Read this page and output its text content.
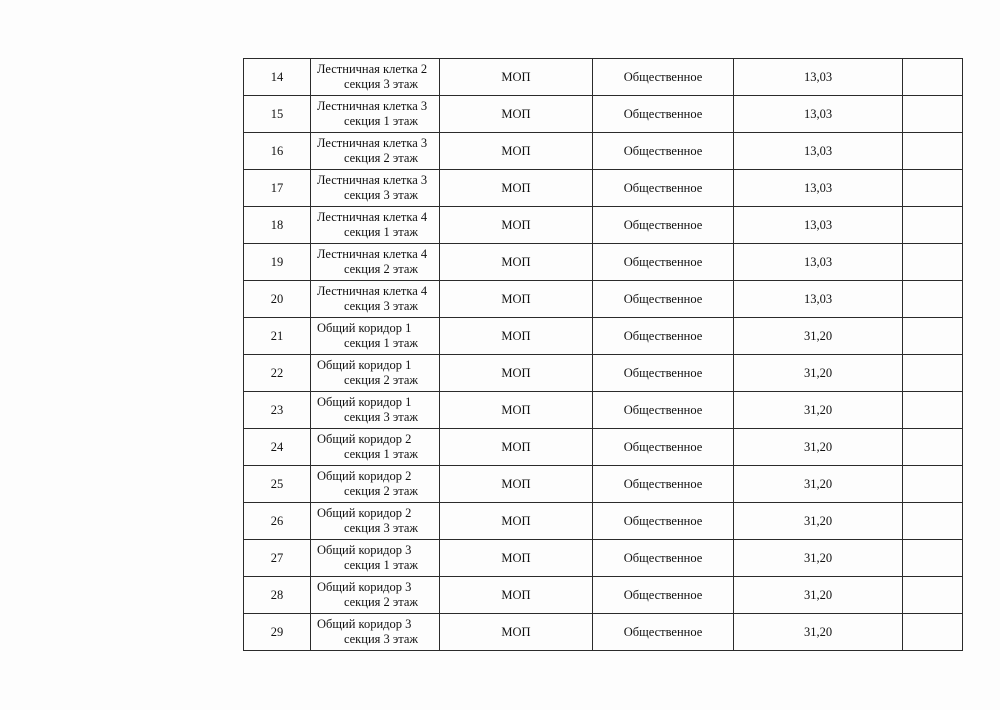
14	Лестничная клетка 2
секция 3 этаж	МОП	Общественное	13,03	
15	Лестничная клетка 3
секция 1 этаж	МОП	Общественное	13,03	
16	Лестничная клетка 3
секция 2 этаж	МОП	Общественное	13,03	
17	Лестничная клетка 3
секция 3 этаж	МОП	Общественное	13,03	
18	Лестничная клетка 4
секция 1 этаж	МОП	Общественное	13,03	
19	Лестничная клетка 4
секция 2 этаж	МОП	Общественное	13,03	
20	Лестничная клетка 4
секция 3 этаж	МОП	Общественное	13,03	
21	Общий коридор 1
секция 1 этаж	МОП	Общественное	31,20	
22	Общий коридор 1
секция 2 этаж	МОП	Общественное	31,20	
23	Общий коридор 1
секция 3 этаж	МОП	Общественное	31,20	
24	Общий коридор 2
секция 1 этаж	МОП	Общественное	31,20	
25	Общий коридор 2
секция 2 этаж	МОП	Общественное	31,20	
26	Общий коридор 2
секция 3 этаж	МОП	Общественное	31,20	
27	Общий коридор 3
секция 1 этаж	МОП	Общественное	31,20	
28	Общий коридор 3
секция 2 этаж	МОП	Общественное	31,20	
29	Общий коридор 3
секция 3 этаж	МОП	Общественное	31,20	
